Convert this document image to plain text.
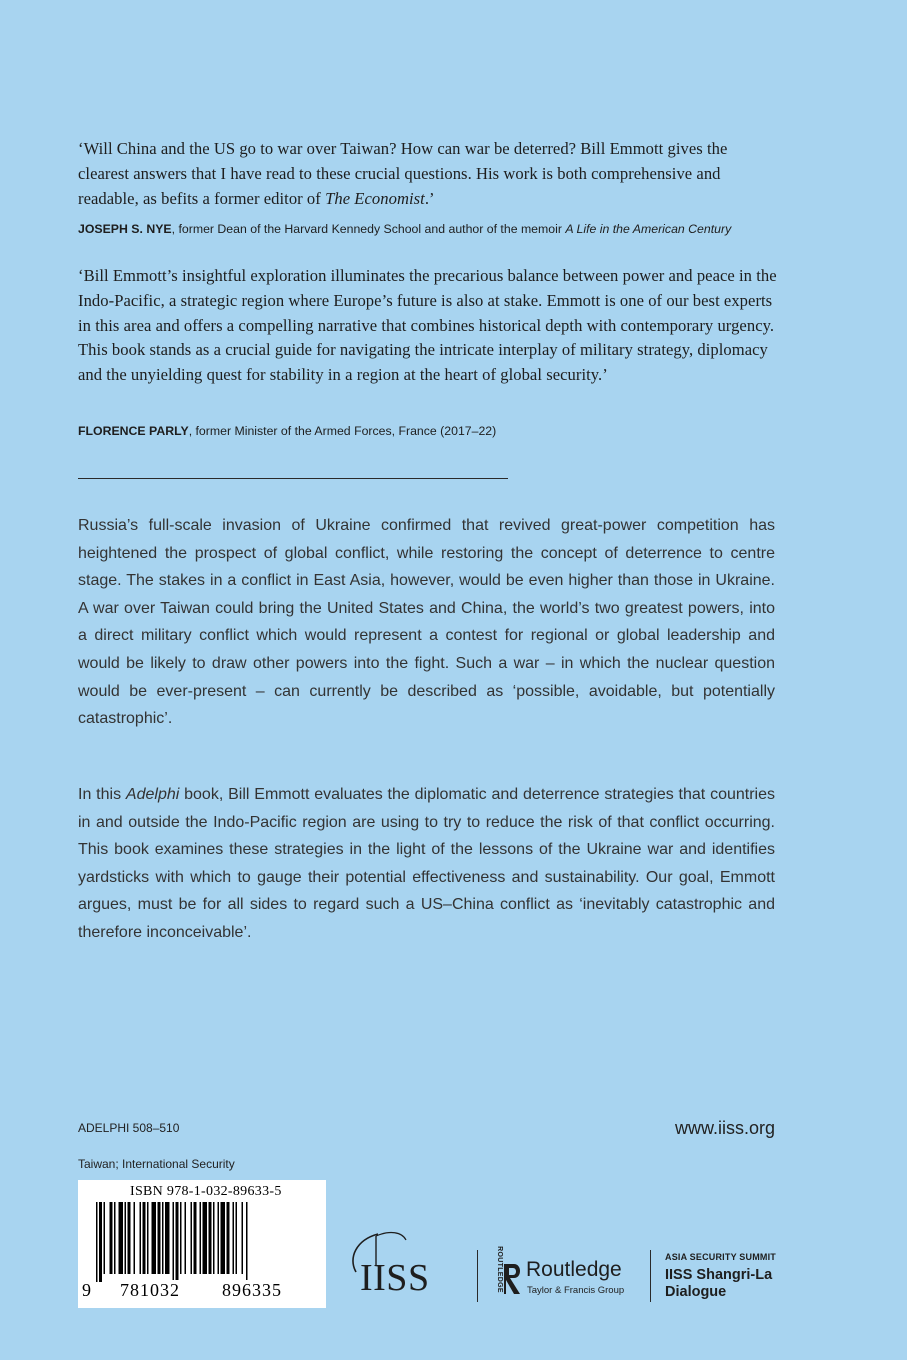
‘Will China and the US go to war over Taiwan? How can war be deterred? Bill Emmott gives the clearest answers that I have read to these crucial questions. His work is both comprehensive and readable, as befits a former editor of The Economist.’
JOSEPH S. NYE, former Dean of the Harvard Kennedy School and author of the memoir A Life in the American Century
‘Bill Emmott’s insightful exploration illuminates the precarious balance between power and peace in the Indo-Pacific, a strategic region where Europe’s future is also at stake. Emmott is one of our best experts in this area and offers a compelling narrative that combines historical depth with contemporary urgency. This book stands as a crucial guide for navigating the intricate interplay of military strategy, diplomacy and the unyielding quest for stability in a region at the heart of global security.’
FLORENCE PARLY, former Minister of the Armed Forces, France (2017–22)
Russia’s full-scale invasion of Ukraine confirmed that revived great-power competition has heightened the prospect of global conflict, while restoring the concept of deterrence to centre stage. The stakes in a conflict in East Asia, however, would be even higher than those in Ukraine. A war over Taiwan could bring the United States and China, the world’s two greatest powers, into a direct military conflict which would represent a contest for regional or global leadership and would be likely to draw other powers into the fight. Such a war – in which the nuclear question would be ever-present – can currently be described as ‘possible, avoidable, but potentially catastrophic’.
In this Adelphi book, Bill Emmott evaluates the diplomatic and deterrence strategies that countries in and outside the Indo-Pacific region are using to try to reduce the risk of that conflict occurring. This book examines these strategies in the light of the lessons of the Ukraine war and identifies yardsticks with which to gauge their potential effectiveness and sustainability. Our goal, Emmott argues, must be for all sides to regard such a US–China conflict as ‘inevitably catastrophic and therefore inconceivable’.
ADELPHI 508–510	www.iiss.org
Taiwan; International Security
ISBN 978-1-032-89633-5
9 781032 896335 IISS	ROUTLEDGE Routledge
Taylor & Francis Group
ASIA SECURITY SUMMIT
IISS Shangri-La
Dialogue
